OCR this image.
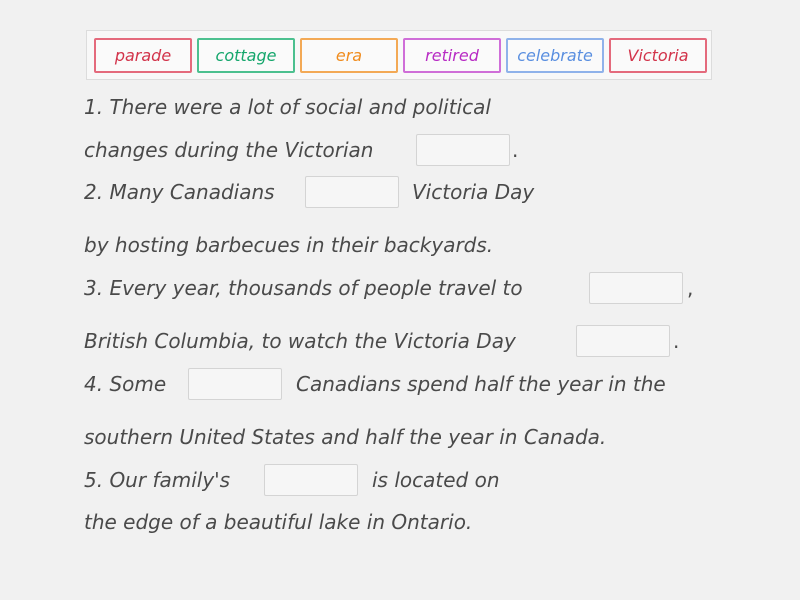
parade	cottage	era	retired	celebrate	Victoria
1. There were a lot of social and political
changes during the Victorian	.
2. Many Canadians	Victoria Day
by hosting barbecues in their backyards.
3. Every year, thousands of people travel to	,
British Columbia, to watch the Victoria Day	.
4. Some	Canadians spend half the year in the
southern United States and half the year in Canada.
5. Our family's	is located on
the edge of a beautiful lake in Ontario.
